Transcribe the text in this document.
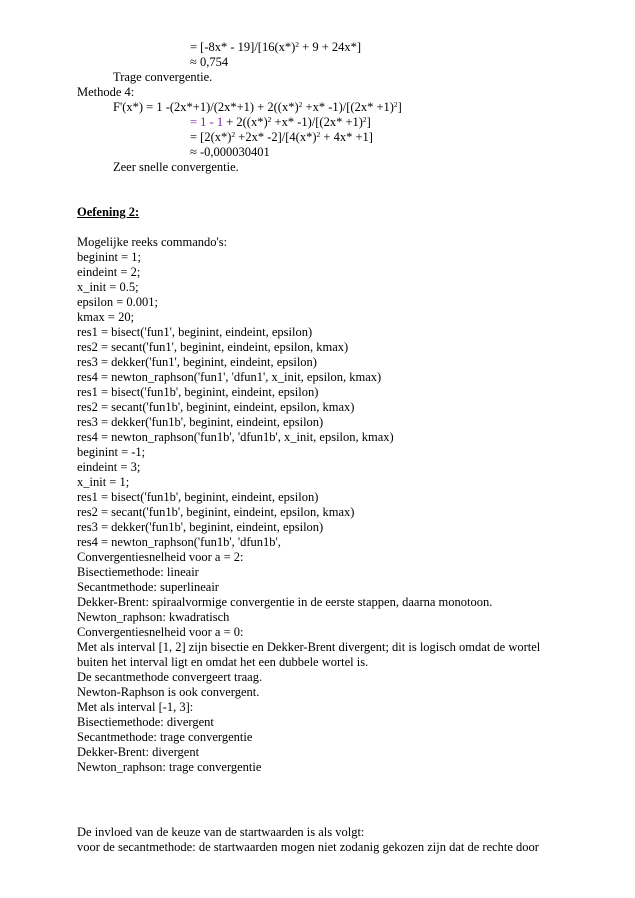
= $[-8x* - 19]/[16(x*)^2 + 9 + 24x*]$
≈ 0,754
Trage convergentie.
Methode 4:
F'(x*) = 1 $-(2x*+1)/(2x*+1) + 2((x*)^2 +x*$ $-1)/[(2x* +1)^2]$
= $1 - 1 + 2((x*)^2 +x*$ $-1)/[(2x* +1)^2]$
= [$2(x*)^2 +2x*$ $-2]/[4(x*)^2 + 4x* +1]$
≈ -0,000030401
Zeer snelle convergentie.
Oefening 2:
Mogelijke reeks commando's:
beginint = 1;
eindeint = 2;
x_init = 0.5;
epsilon = 0.001;
kmax = 20;
res1 = bisect('fun1', beginint, eindeint, epsilon)
res2 = secant('fun1', beginint, eindeint, epsilon, kmax)
res3 = dekker('fun1', beginint, eindeint, epsilon)
res4 = newton_raphson('fun1', 'dfun1', x_init, epsilon, kmax)
res1 = bisect('fun1b', beginint, eindeint, epsilon)
res2 = secant('fun1b', beginint, eindeint, epsilon, kmax)
res3 = dekker('fun1b', beginint, eindeint, epsilon)
res4 = newton_raphson('fun1b', 'dfun1b', x_init, epsilon, kmax)
beginint = -1;
eindeint = 3;
x_init = 1;
res1 = bisect('fun1b', beginint, eindeint, epsilon)
res2 = secant('fun1b', beginint, eindeint, epsilon, kmax)
res3 = dekker('fun1b', beginint, eindeint, epsilon)
res4 = newton_raphson('fun1b', 'dfun1b',
Convergentiesnelheid voor a = 2:
Bisectiemethode: lineair
Secantmethode: superlineair
Dekker-Brent: spiraalvormige convergentie in de eerste stappen, daarna monotoon.
Newton_raphson: kwadratisch
Convergentiesnelheid voor a = 0:
Met als interval [1, 2] zijn bisectie en Dekker-Brent divergent; dit is logisch omdat de wortel
buiten het interval ligt en omdat het een dubbele wortel is.
De secantmethode convergeert traag.
Newton-Raphson is ook convergent.
Met als interval [-1, 3]:
Bisectiemethode: divergent
Secantmethode: trage convergentie
Dekker-Brent: divergent
Newton_raphson: trage convergentie
De invloed van de keuze van de startwaarden is als volgt:
voor de secantmethode: de startwaarden mogen niet zodanig gekozen zijn dat de rechte door
